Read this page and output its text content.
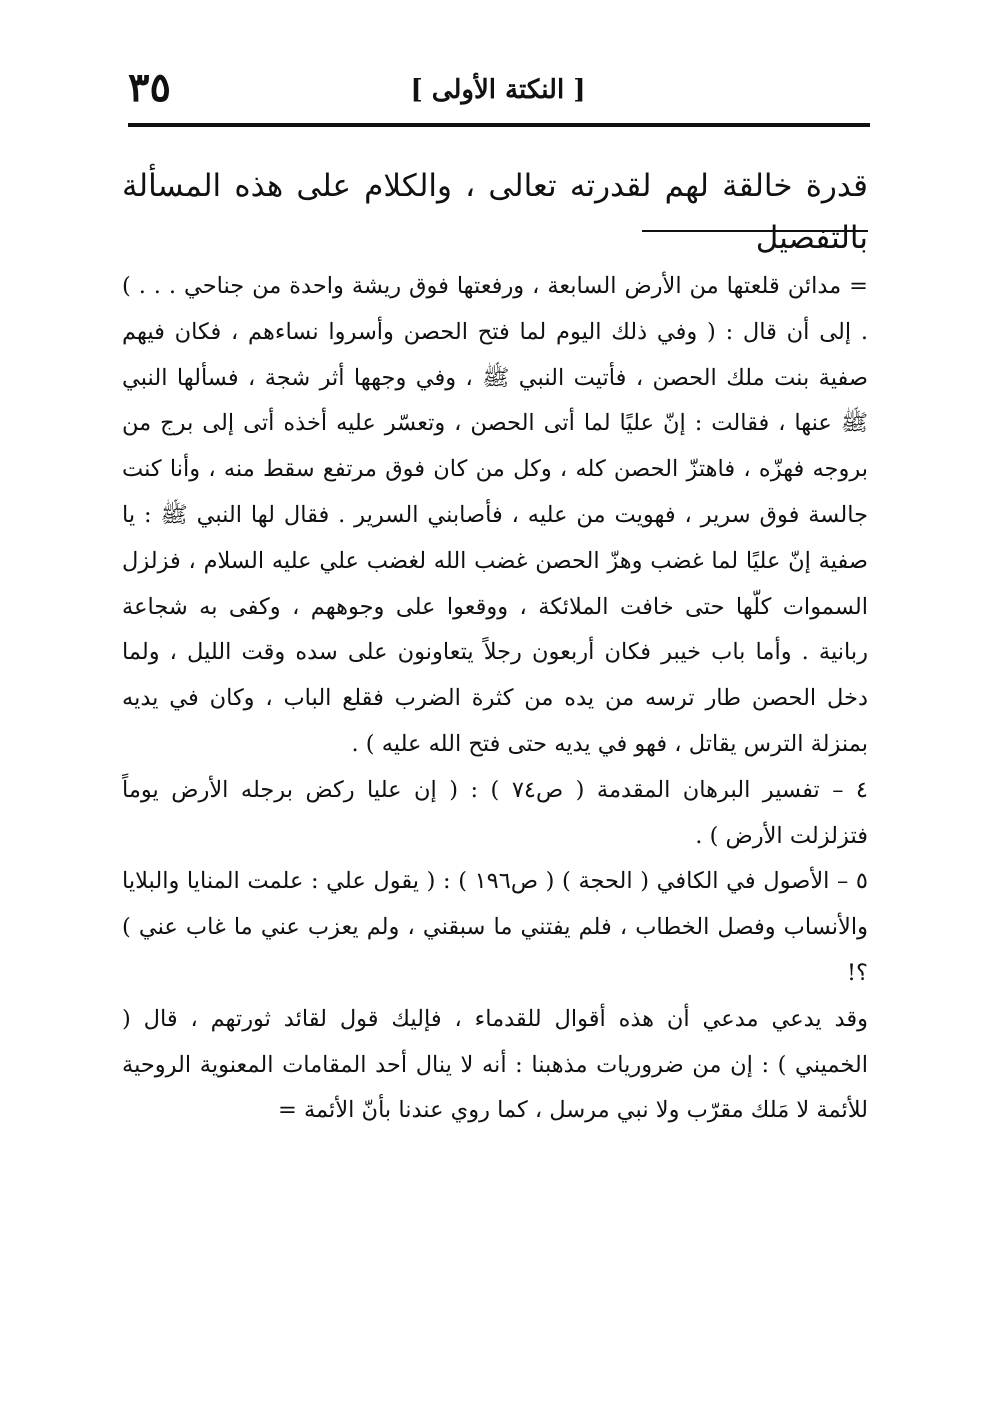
٣٥	[ النكتة الأولى ]
قدرة خالقة لهم لقدرته تعالى ، والكلام على هذه المسألة بالتفصيل

= مدائن قلعتها من الأرض السابعة ، ورفعتها فوق ريشة واحدة من جناحي . . . ) . إلى أن قال : ( وفي ذلك اليوم لما فتح الحصن وأسروا نساءهم ، فكان فيهم صفية بنت ملك الحصن ، فأتيت النبي ﷺ ، وفي وجهها أثر شجة ، فسألها النبي ﷺ عنها ، فقالت : إنّ عليًا لما أتى الحصن ، وتعسّر عليه أخذه أتى إلى برج من بروجه فهزّه ، فاهتزّ الحصن كله ، وكل من كان فوق مرتفع سقط منه ، وأنا كنت جالسة فوق سرير ، فهويت من عليه ، فأصابني السرير . فقال لها النبي ﷺ : يا صفية إنّ عليًا لما غضب وهزّ الحصن غضب الله لغضب علي عليه السلام ، فزلزل السموات كلّها حتى خافت الملائكة ، ووقعوا على وجوههم ، وكفى به شجاعة ربانية . وأما باب خيبر فكان أربعون رجلاً يتعاونون على سده وقت الليل ، ولما دخل الحصن طار ترسه من يده من كثرة الضرب فقلع الباب ، وكان في يديه بمنزلة الترس يقاتل ، فهو في يديه حتى فتح الله عليه ) .

٤ – تفسير البرهان المقدمة ( ص٧٤ ) : ( إن عليا ركض برجله الأرض يوماً فتزلزلت الأرض ) .

٥ – الأصول في الكافي ( الحجة ) ( ص١٩٦ ) : ( يقول علي : علمت المنايا والبلايا والأنساب وفصل الخطاب ، فلم يفتني ما سبقني ، ولم يعزب عني ما غاب عني ) ؟!

وقد يدعي مدعي أن هذه أقوال للقدماء ، فإليك قول لقائد ثورتهم ، قال ( الخميني ) : إن من ضروريات مذهبنا : أنه لا ينال أحد المقامات المعنوية الروحية للأئمة لا مَلك مقرّب ولا نبي مرسل ، كما روي عندنا بأنّ الأئمة =
